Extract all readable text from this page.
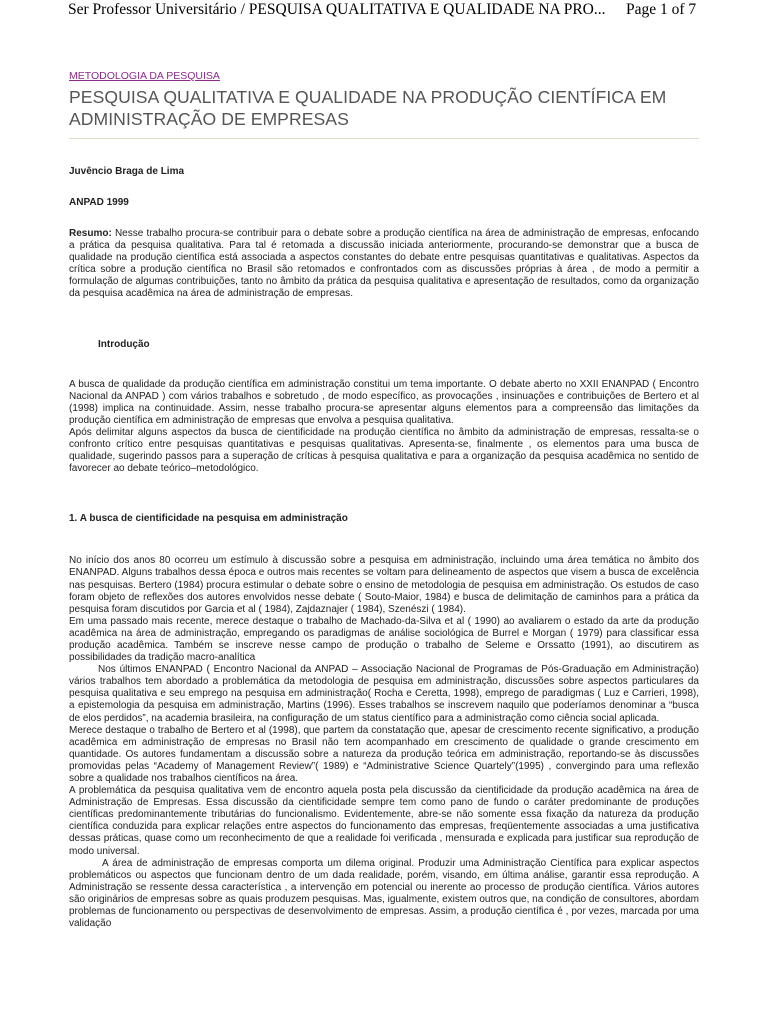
Ser Professor Universitário / PESQUISA QUALITATIVA E QUALIDADE NA PRO... Page 1 of 7
METODOLOGIA DA PESQUISA
PESQUISA QUALITATIVA E QUALIDADE NA PRODUÇÃO CIENTÍFICA EM ADMINISTRAÇÃO DE EMPRESAS
Juvêncio Braga de Lima
ANPAD 1999

Resumo: Nesse trabalho procura-se contribuir para o debate sobre a produção científica na área de administração de empresas, enfocando a prática da pesquisa qualitativa. Para tal é retomada a discussão iniciada anteriormente, procurando-se demonstrar que a busca de qualidade na produção científica está associada a aspectos constantes do debate entre pesquisas quantitativas e qualitativas. Aspectos da crítica sobre a produção científica no Brasil são retomados e confrontados com as discussões próprias à área , de modo a permitir a formulação de algumas contribuições, tanto no âmbito da prática da pesquisa qualitativa e apresentação de resultados, como da organização da pesquisa acadêmica na área de administração de empresas.

Introdução

A busca de qualidade da produção científica em administração constitui um tema importante. O debate aberto no XXII ENANPAD ( Encontro Nacional da ANPAD ) com vários trabalhos e sobretudo , de modo específico, as provocações , insinuações e contribuições de Bertero et al (1998) implica na continuidade. Assim, nesse trabalho procura-se apresentar alguns elementos para a compreensão das limitações da produção científica em administração de empresas que envolva a pesquisa qualitativa.

Após delimitar alguns aspectos da busca de cientificidade na produção científica no âmbito da administração de empresas, ressalta-se o confronto crítico entre pesquisas quantitativas e pesquisas qualitativas. Apresenta-se, finalmente , os elementos para uma busca de qualidade, sugerindo passos para a superação de críticas à pesquisa qualitativa e para a organização da pesquisa acadêmica no sentido de favorecer ao debate teórico–metodológico.

1. A busca de cientificidade na pesquisa em administração

No início dos anos 80 ocorreu um estímulo à discussão sobre a pesquisa em administração, incluindo uma área temática no âmbito dos ENANPAD. Alguns trabalhos dessa época e outros mais recentes se voltam para delineamento de aspectos que visem a busca de excelência nas pesquisas. Bertero (1984) procura estimular o debate sobre o ensino de metodologia de pesquisa em administração. Os estudos de caso foram objeto de reflexões dos autores envolvidos nesse debate ( Souto-Maior, 1984) e busca de delimitação de caminhos para a prática da pesquisa foram discutidos por Garcia et al ( 1984), Zajdaznajer ( 1984), Szenészi ( 1984).

Em uma passado mais recente, merece destaque o trabalho de Machado-da-Silva et al ( 1990) ao avaliarem o estado da arte da produção acadêmica na área de administração, empregando os paradigmas de análise sociológica de Burrel e Morgan ( 1979) para classificar essa produção acadêmica. Também se inscreve nesse campo de produção o trabalho de Seleme e Orssatto (1991), ao discutirem as possibilidades da tradição macro-analítica

Nos últimos ENANPAD ( Encontro Nacional da ANPAD – Associação Nacional de Programas de Pós-Graduação em Administração) vários trabalhos tem abordado a problemática da metodologia de pesquisa em administração, discussões sobre aspectos particulares da pesquisa qualitativa e seu emprego na pesquisa em administração( Rocha e Ceretta, 1998), emprego de paradigmas ( Luz e Carrieri, 1998), a epistemologia da pesquisa em administração, Martins (1996). Esses trabalhos se inscrevem naquilo que poderíamos denominar a “busca de elos perdidos”, na academia brasileira, na configuração de um status científico para a administração como ciência social aplicada.

Merece destaque o trabalho de Bertero et al (1998), que partem da constatação que, apesar de crescimento recente significativo, a produção acadêmica em administração de empresas no Brasil não tem acompanhado em crescimento de qualidade o grande crescimento em quantidade. Os autores fundamentam a discussão sobre a natureza da produção teórica em administração, reportando-se às discussões promovidas pelas “Academy of Management Review”( 1989) e “Administrative Science Quartely”(1995) , convergindo para uma reflexão sobre a qualidade nos trabalhos científicos na área.

A problemática da pesquisa qualitativa vem de encontro aquela posta pela discussão da cientificidade da produção acadêmica na área de Administração de Empresas. Essa discussão da cientificidade sempre tem como pano de fundo o caráter predominante de produções científicas predominantemente tributárias do funcionalismo. Evidentemente, abre-se não somente essa fixação da natureza da produção científica conduzida para explicar relações entre aspectos do funcionamento das empresas, freqüentemente associadas a uma justificativa dessas práticas, quase como um reconhecimento de que a realidade foi verificada , mensurada e explicada para justificar sua reprodução de modo universal.

A área de administração de empresas comporta um dilema original. Produzir uma Administração Científica para explicar aspectos problemáticos ou aspectos que funcionam dentro de um dada realidade, porém, visando, em última análise, garantir essa reprodução. A Administração se ressente dessa característica , a intervenção em potencial ou inerente ao processo de produção científica. Vários autores são originários de empresas sobre as quais produzem pesquisas. Mas, igualmente, existem outros que, na condição de consultores, abordam problemas de funcionamento ou perspectivas de desenvolvimento de empresas. Assim, a produção científica é , por vezes, marcada por uma validação
